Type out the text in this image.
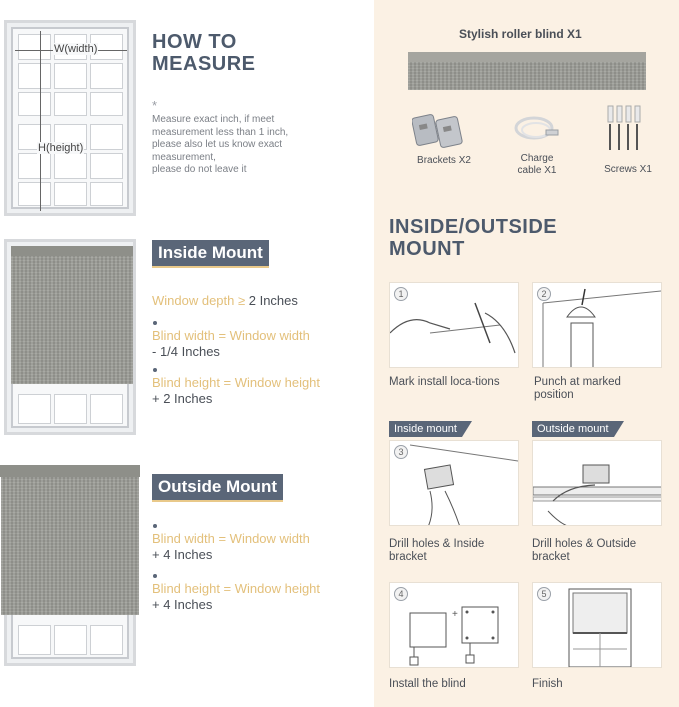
W(width)
H(height)
HOW TO
MEASURE
*
Measure exact inch, if meet
measurement less than 1 inch,
please also let us know exact
measurement,
please do not leave it
Inside Mount
Window depth ≥ 2 Inches
Blind width = Window width
- 1/4 Inches
Blind height = Window height
+ 2 Inches
Outside Mount
Blind width = Window width
+ 4 Inches
Blind height = Window height
+ 4 Inches
Stylish roller blind X1
Brackets X2	Charge
cable X1	Screws X1
INSIDE/OUTSIDE
MOUNT
1
Mark install loca-tions
2
Punch at marked
position
Inside mount
3
Drill holes & Inside
bracket
Outside mount
Drill holes & Outside
bracket
4
+
Install the blind
5
Finish
